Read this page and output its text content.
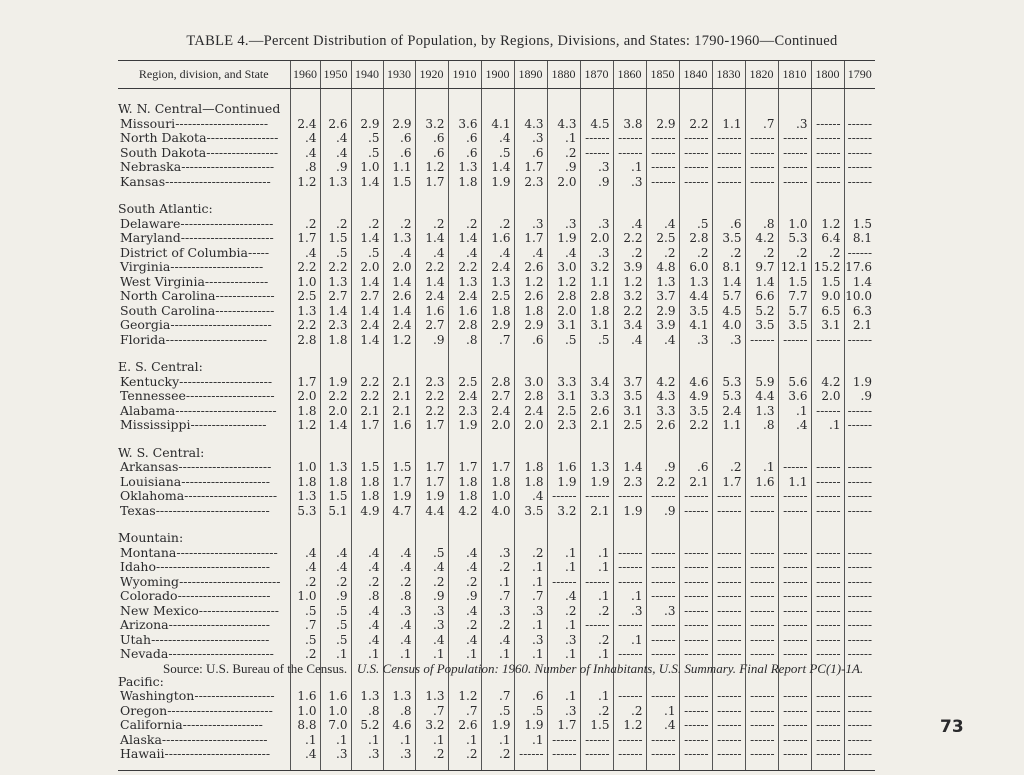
TABLE 4.—Percent Distribution of Population, by Regions, Divisions, and States: 1790-1960—Continued
Region, division, and State	1960	1950	1940	1930	1920	1910	1900	1890	1880	1870	1860	1850	1840	1830	1820	1810	1800	1790

W. N. Central—Continued																		
Missouri----------------------	2.4	2.6	2.9	2.9	3.2	3.6	4.1	4.3	4.3	4.5	3.8	2.9	2.2	1.1	.7	.3	------	------
North Dakota-----------------	.4	.4	.5	.6	.6	.6	.4	.3	.1	------	------	------	------	------	------	------	------	------
South Dakota-----------------	.4	.4	.5	.6	.6	.6	.5	.6	.2	------	------	------	------	------	------	------	------	------
Nebraska----------------------	.8	.9	1.0	1.1	1.2	1.3	1.4	1.7	.9	.3	.1	------	------	------	------	------	------	------
Kansas-------------------------	1.2	1.3	1.4	1.5	1.7	1.8	1.9	2.3	2.0	.9	.3	------	------	------	------	------	------	------

South Atlantic:																		
Delaware----------------------	.2	.2	.2	.2	.2	.2	.2	.3	.3	.3	.4	.4	.5	.6	.8	1.0	1.2	1.5
Maryland----------------------	1.7	1.5	1.4	1.3	1.4	1.4	1.6	1.7	1.9	2.0	2.2	2.5	2.8	3.5	4.2	5.3	6.4	8.1
District of Columbia-----	.4	.5	.5	.4	.4	.4	.4	.4	.4	.3	.2	.2	.2	.2	.2	.2	.2	------
Virginia----------------------	2.2	2.2	2.0	2.0	2.2	2.2	2.4	2.6	3.0	3.2	3.9	4.8	6.0	8.1	9.7	12.1	15.2	17.6
West Virginia---------------	1.0	1.3	1.4	1.4	1.4	1.3	1.3	1.2	1.2	1.1	1.2	1.3	1.3	1.4	1.4	1.5	1.5	1.4
North Carolina--------------	2.5	2.7	2.7	2.6	2.4	2.4	2.5	2.6	2.8	2.8	3.2	3.7	4.4	5.7	6.6	7.7	9.0	10.0
South Carolina--------------	1.3	1.4	1.4	1.4	1.6	1.6	1.8	1.8	2.0	1.8	2.2	2.9	3.5	4.5	5.2	5.7	6.5	6.3
Georgia------------------------	2.2	2.3	2.4	2.4	2.7	2.8	2.9	2.9	3.1	3.1	3.4	3.9	4.1	4.0	3.5	3.5	3.1	2.1
Florida------------------------	2.8	1.8	1.4	1.2	.9	.8	.7	.6	.5	.5	.4	.4	.3	.3	------	------	------	------

E. S. Central:																		
Kentucky----------------------	1.7	1.9	2.2	2.1	2.3	2.5	2.8	3.0	3.3	3.4	3.7	4.2	4.6	5.3	5.9	5.6	4.2	1.9
Tennessee---------------------	2.0	2.2	2.2	2.1	2.2	2.4	2.7	2.8	3.1	3.3	3.5	4.3	4.9	5.3	4.4	3.6	2.0	.9
Alabama------------------------	1.8	2.0	2.1	2.1	2.2	2.3	2.4	2.4	2.5	2.6	3.1	3.3	3.5	2.4	1.3	.1	------	------
Mississippi------------------	1.2	1.4	1.7	1.6	1.7	1.9	2.0	2.0	2.3	2.1	2.5	2.6	2.2	1.1	.8	.4	.1	------

W. S. Central:																		
Arkansas----------------------	1.0	1.3	1.5	1.5	1.7	1.7	1.7	1.8	1.6	1.3	1.4	.9	.6	.2	.1	------	------	------
Louisiana---------------------	1.8	1.8	1.8	1.7	1.7	1.8	1.8	1.8	1.9	1.9	2.3	2.2	2.1	1.7	1.6	1.1	------	------
Oklahoma----------------------	1.3	1.5	1.8	1.9	1.9	1.8	1.0	.4	------	------	------	------	------	------	------	------	------	------
Texas---------------------------	5.3	5.1	4.9	4.7	4.4	4.2	4.0	3.5	3.2	2.1	1.9	.9	------	------	------	------	------	------

Mountain:																		
Montana------------------------	.4	.4	.4	.4	.5	.4	.3	.2	.1	.1	------	------	------	------	------	------	------	------
Idaho---------------------------	.4	.4	.4	.4	.4	.4	.2	.1	.1	.1	------	------	------	------	------	------	------	------
Wyoming------------------------	.2	.2	.2	.2	.2	.2	.1	.1	------	------	------	------	------	------	------	------	------	------
Colorado----------------------	1.0	.9	.8	.8	.9	.9	.7	.7	.4	.1	.1	------	------	------	------	------	------	------
New Mexico-------------------	.5	.5	.4	.3	.3	.4	.3	.3	.2	.2	.3	.3	------	------	------	------	------	------
Arizona------------------------	.7	.5	.4	.4	.3	.2	.2	.1	.1	------	------	------	------	------	------	------	------	------
Utah----------------------------	.5	.5	.4	.4	.4	.4	.4	.3	.3	.2	.1	------	------	------	------	------	------	------
Nevada-------------------------	.2	.1	.1	.1	.1	.1	.1	.1	.1	.1	------	------	------	------	------	------	------	------

Pacific:																		
Washington-------------------	1.6	1.6	1.3	1.3	1.3	1.2	.7	.6	.1	.1	------	------	------	------	------	------	------	------
Oregon-------------------------	1.0	1.0	.8	.8	.7	.7	.5	.5	.3	.2	.2	.1	------	------	------	------	------	------
California-------------------	8.8	7.0	5.2	4.6	3.2	2.6	1.9	1.9	1.7	1.5	1.2	.4	------	------	------	------	------	------
Alaska-------------------------	.1	.1	.1	.1	.1	.1	.1	.1	------	------	------	------	------	------	------	------	------	------
Hawaii-------------------------	.4	.3	.3	.3	.2	.2	.2	------	------	------	------	------	------	------	------	------	------	------

Source: U.S. Bureau of the Census. U.S. Census of Population: 1960. Number of Inhabitants, U.S. Summary. Final Report PC(1)-1A.
73
